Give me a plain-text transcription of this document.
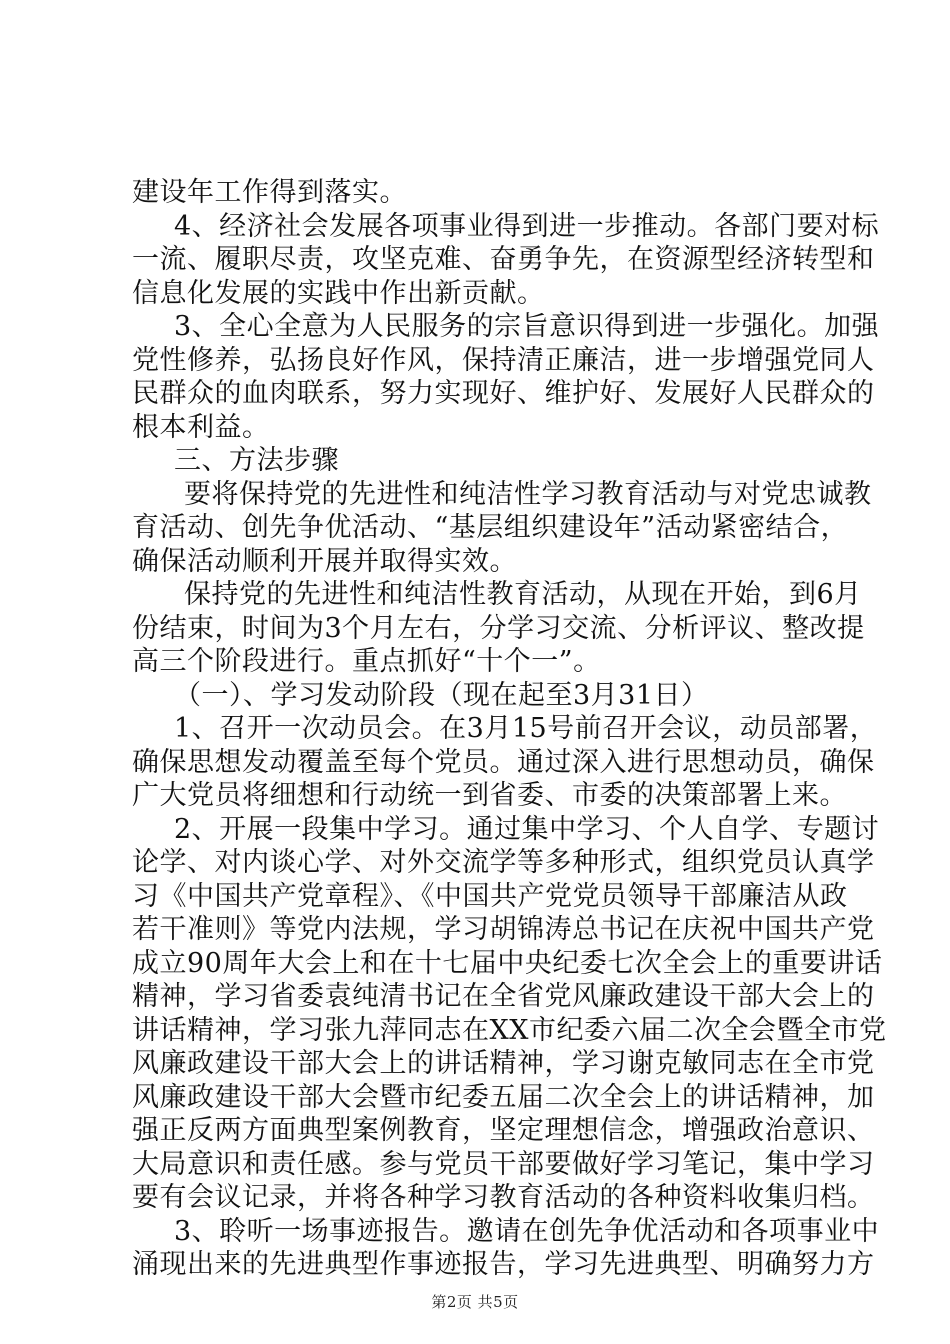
建设年工作得到落实。
4、经济社会发展各项事业得到进一步推动。各部门要对标
一流、履职尽责，攻坚克难、奋勇争先，在资源型经济转型和
信息化发展的实践中作出新贡献。
3、全心全意为人民服务的宗旨意识得到进一步强化。加强
党性修养，弘扬良好作风，保持清正廉洁，进一步增强党同人
民群众的血肉联系，努力实现好、维护好、发展好人民群众的
根本利益。
三、方法步骤
要将保持党的先进性和纯洁性学习教育活动与对党忠诚教
育活动、创先争优活动、“基层组织建设年”活动紧密结合，
确保活动顺利开展并取得实效。
保持党的先进性和纯洁性教育活动，从现在开始，到6月
份结束，时间为3个月左右，分学习交流、分析评议、整改提
高三个阶段进行。重点抓好“十个一”。
（一）、学习发动阶段（现在起至3月31日）
1、召开一次动员会。在3月15号前召开会议，动员部署，
确保思想发动覆盖至每个党员。通过深入进行思想动员，确保
广大党员将细想和行动统一到省委、市委的决策部署上来。
2、开展一段集中学习。通过集中学习、个人自学、专题讨
论学、对内谈心学、对外交流学等多种形式，组织党员认真学
习《中国共产党章程》、《中国共产党党员领导干部廉洁从政
若干准则》等党内法规，学习胡锦涛总书记在庆祝中国共产党
成立90周年大会上和在十七届中央纪委七次全会上的重要讲话
精神，学习省委袁纯清书记在全省党风廉政建设干部大会上的
讲话精神，学习张九萍同志在XX市纪委六届二次全会暨全市党
风廉政建设干部大会上的讲话精神，学习谢克敏同志在全市党
风廉政建设干部大会暨市纪委五届二次全会上的讲话精神，加
强正反两方面典型案例教育，坚定理想信念，增强政治意识、
大局意识和责任感。参与党员干部要做好学习笔记，集中学习
要有会议记录，并将各种学习教育活动的各种资料收集归档。
3、聆听一场事迹报告。邀请在创先争优活动和各项事业中
涌现出来的先进典型作事迹报告，学习先进典型、明确努力方
第2页 共5页
